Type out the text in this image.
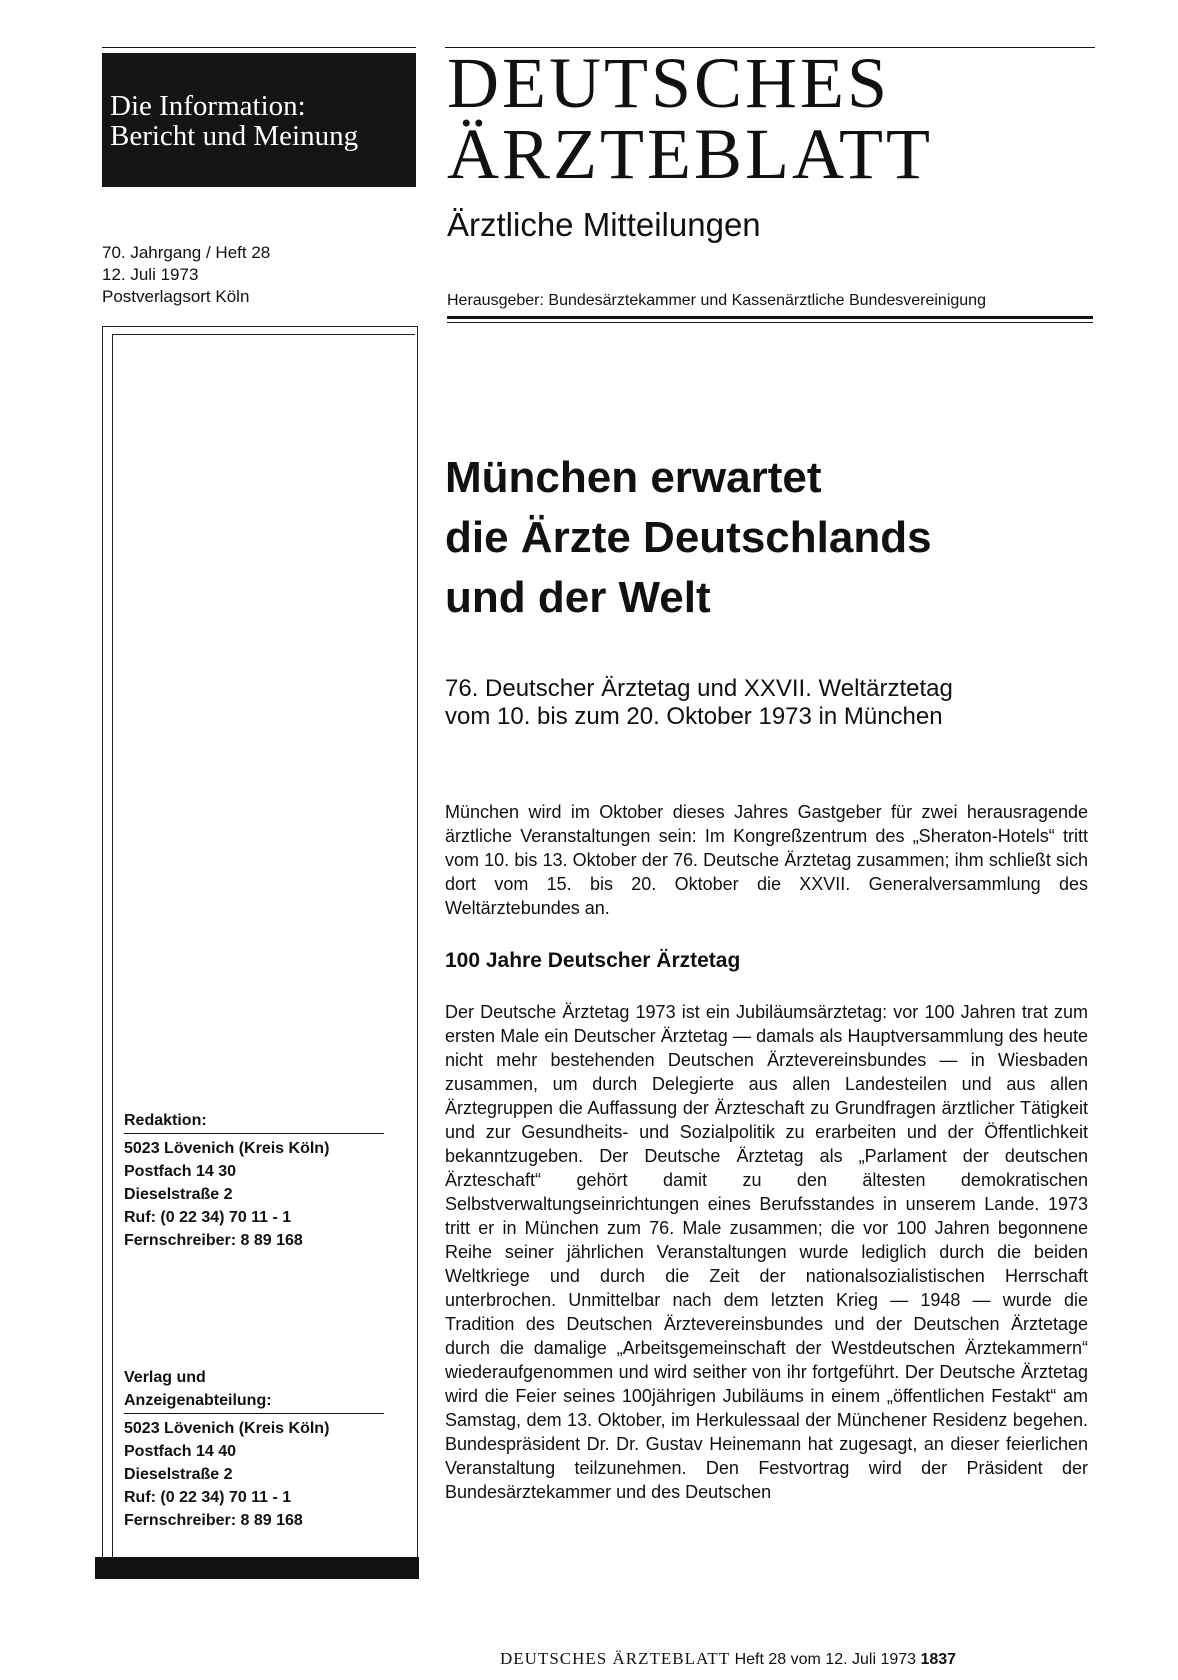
Die Information:
Bericht und Meinung
70. Jahrgang / Heft 28
12. Juli 1973
Postverlagsort Köln
Redaktion:
5023 Lövenich (Kreis Köln)
Postfach 14 30
Dieselstraße 2
Ruf: (0 22 34) 70 11 - 1
Fernschreiber: 8 89 168
Verlag und
Anzeigenabteilung:
5023 Lövenich (Kreis Köln)
Postfach 14 40
Dieselstraße 2
Ruf: (0 22 34) 70 11 - 1
Fernschreiber: 8 89 168
DEUTSCHES
ÄRZTEBLATT
Ärztliche Mitteilungen
Herausgeber: Bundesärztekammer und Kassenärztliche Bundesvereinigung
München erwartet
die Ärzte Deutschlands
und der Welt
76. Deutscher Ärztetag und XXVII. Weltärztetag
vom 10. bis zum 20. Oktober 1973 in München
München wird im Oktober dieses Jahres Gastgeber für zwei herausragende ärztliche Veranstaltungen sein: Im Kongreßzentrum des „Sheraton-Hotels“ tritt vom 10. bis 13. Oktober der 76. Deutsche Ärztetag zusammen; ihm schließt sich dort vom 15. bis 20. Oktober die XXVII. Generalversammlung des Weltärztebundes an.
100 Jahre Deutscher Ärztetag
Der Deutsche Ärztetag 1973 ist ein Jubiläumsärztetag: vor 100 Jahren trat zum ersten Male ein Deutscher Ärztetag — damals als Hauptversammlung des heute nicht mehr bestehenden Deutschen Ärztevereinsbundes — in Wiesbaden zusammen, um durch Delegierte aus allen Landesteilen und aus allen Ärztegruppen die Auffassung der Ärzteschaft zu Grundfragen ärztlicher Tätigkeit und zur Gesundheits- und Sozialpolitik zu erarbeiten und der Öffentlichkeit bekanntzugeben. Der Deutsche Ärztetag als „Parlament der deutschen Ärzteschaft“ gehört damit zu den ältesten demokratischen Selbstverwaltungseinrichtungen eines Berufsstandes in unserem Lande. 1973 tritt er in München zum 76. Male zusammen; die vor 100 Jahren begonnene Reihe seiner jährlichen Veranstaltungen wurde lediglich durch die beiden Weltkriege und durch die Zeit der nationalsozialistischen Herrschaft unterbrochen. Unmittelbar nach dem letzten Krieg — 1948 — wurde die Tradition des Deutschen Ärztevereinsbundes und der Deutschen Ärztetage durch die damalige „Arbeitsgemeinschaft der Westdeutschen Ärztekammern“ wiederaufgenommen und wird seither von ihr fortgeführt. Der Deutsche Ärztetag wird die Feier seines 100jährigen Jubiläums in einem „öffentlichen Festakt“ am Samstag, dem 13. Oktober, im Herkulessaal der Münchener Residenz begehen. Bundespräsident Dr. Dr. Gustav Heinemann hat zugesagt, an dieser feierlichen Veranstaltung teilzunehmen. Den Festvortrag wird der Präsident der Bundesärztekammer und des Deutschen
DEUTSCHES ÄRZTEBLATT Heft 28 vom 12. Juli 1973 1837
